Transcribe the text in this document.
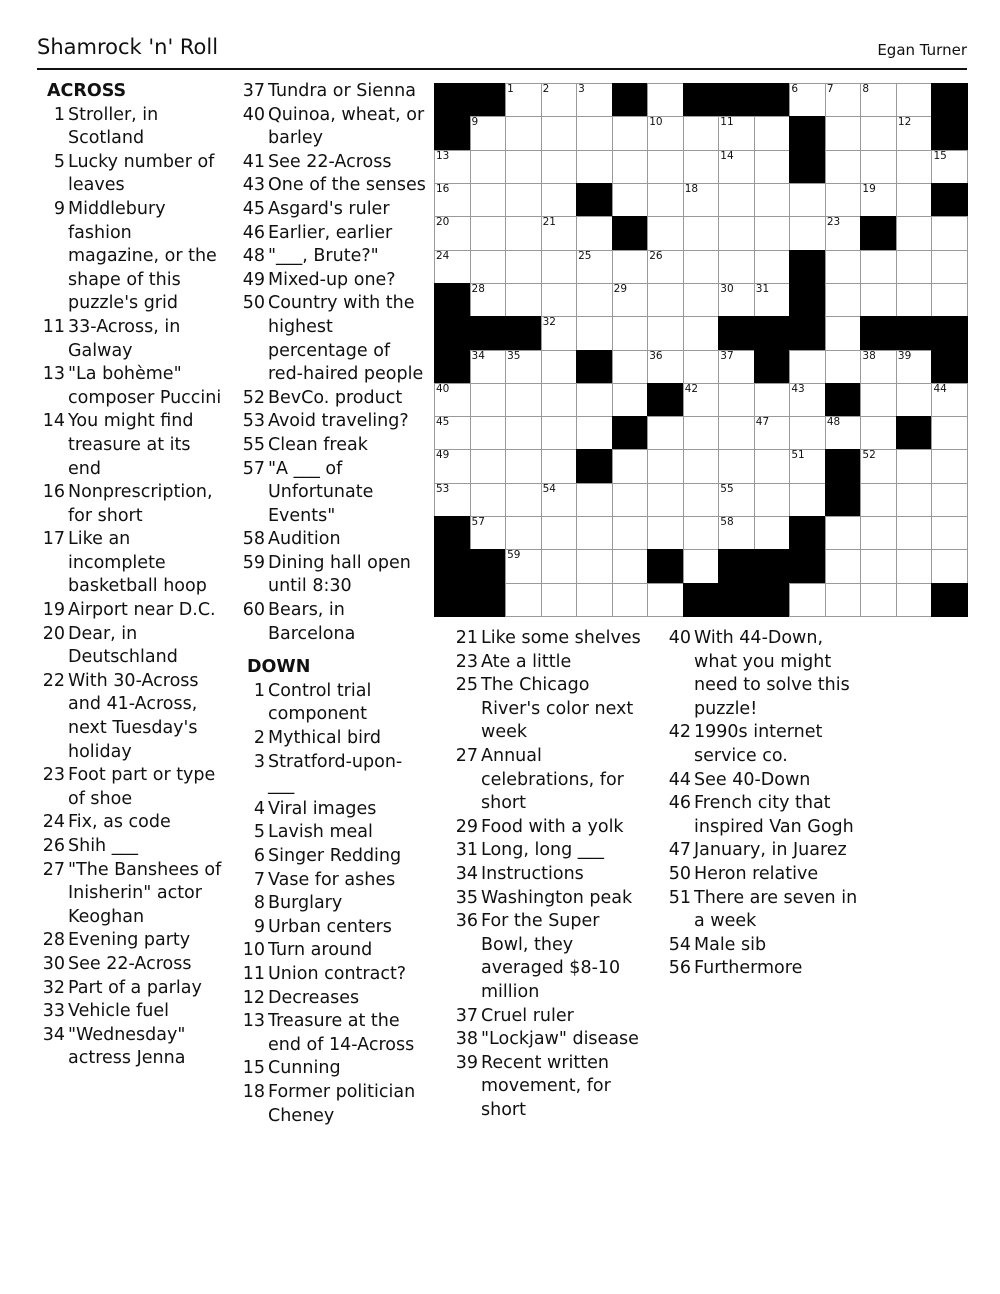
Shamrock 'n' Roll	Egan Turner
ACROSS
1 Stroller, in Scotland
5 Lucky number of leaves
9 Middlebury fashion magazine, or the shape of this puzzle's grid
11 33-Across, in Galway
13 "La bohème" composer Puccini
14 You might find treasure at its end
16 Nonprescription, for short
17 Like an incomplete basketball hoop
19 Airport near D.C.
20 Dear, in Deutschland
22 With 30-Across and 41-Across, next Tuesday's holiday
23 Foot part or type of shoe
24 Fix, as code
26 Shih ___
27 "The Banshees of Inisherin" actor Keoghan
28 Evening party
30 See 22-Across
32 Part of a parlay
33 Vehicle fuel
34 "Wednesday" actress Jenna
37 Tundra or Sienna
40 Quinoa, wheat, or barley
41 See 22-Across
43 One of the senses
45 Asgard's ruler
46 Earlier, earlier
48 "___, Brute?"
49 Mixed-up one?
50 Country with the highest percentage of red-haired people
52 BevCo. product
53 Avoid traveling?
55 Clean freak
57 "A ___ of Unfortunate Events"
58 Audition
59 Dining hall open until 8:30
60 Bears, in Barcelona
DOWN
1 Control trial component
2 Mythical bird
3 Stratford-upon-___
4 Viral images
5 Lavish meal
6 Singer Redding
7 Vase for ashes
8 Burglary
9 Urban centers
10 Turn around
11 Union contract?
12 Decreases
13 Treasure at the end of 14-Across
15 Cunning
18 Former politician Cheney
21 Like some shelves
23 Ate a little
25 The Chicago River's color next week
27 Annual celebrations, for short
29 Food with a yolk
31 Long, long ___
34 Instructions
35 Washington peak
36 For the Super Bowl, they averaged $8-10 million
37 Cruel ruler
38 "Lockjaw" disease
39 Recent written movement, for short
40 With 44-Down, what you might need to solve this puzzle!
42 1990s internet service co.
44 See 40-Down
46 French city that inspired Van Gogh
47 January, in Juarez
50 Heron relative
51 There are seven in a week
54 Male sib
56 Furthermore
1	2	3	6	7	8
9	10	11	12
13	14	15
16	18	19
20	21	23
24	25	26
28	29	30 31
32
34 35	36	37	38 39
40	42	43	44
45	47	48
49	51	52
53	54	55
57	58
59
